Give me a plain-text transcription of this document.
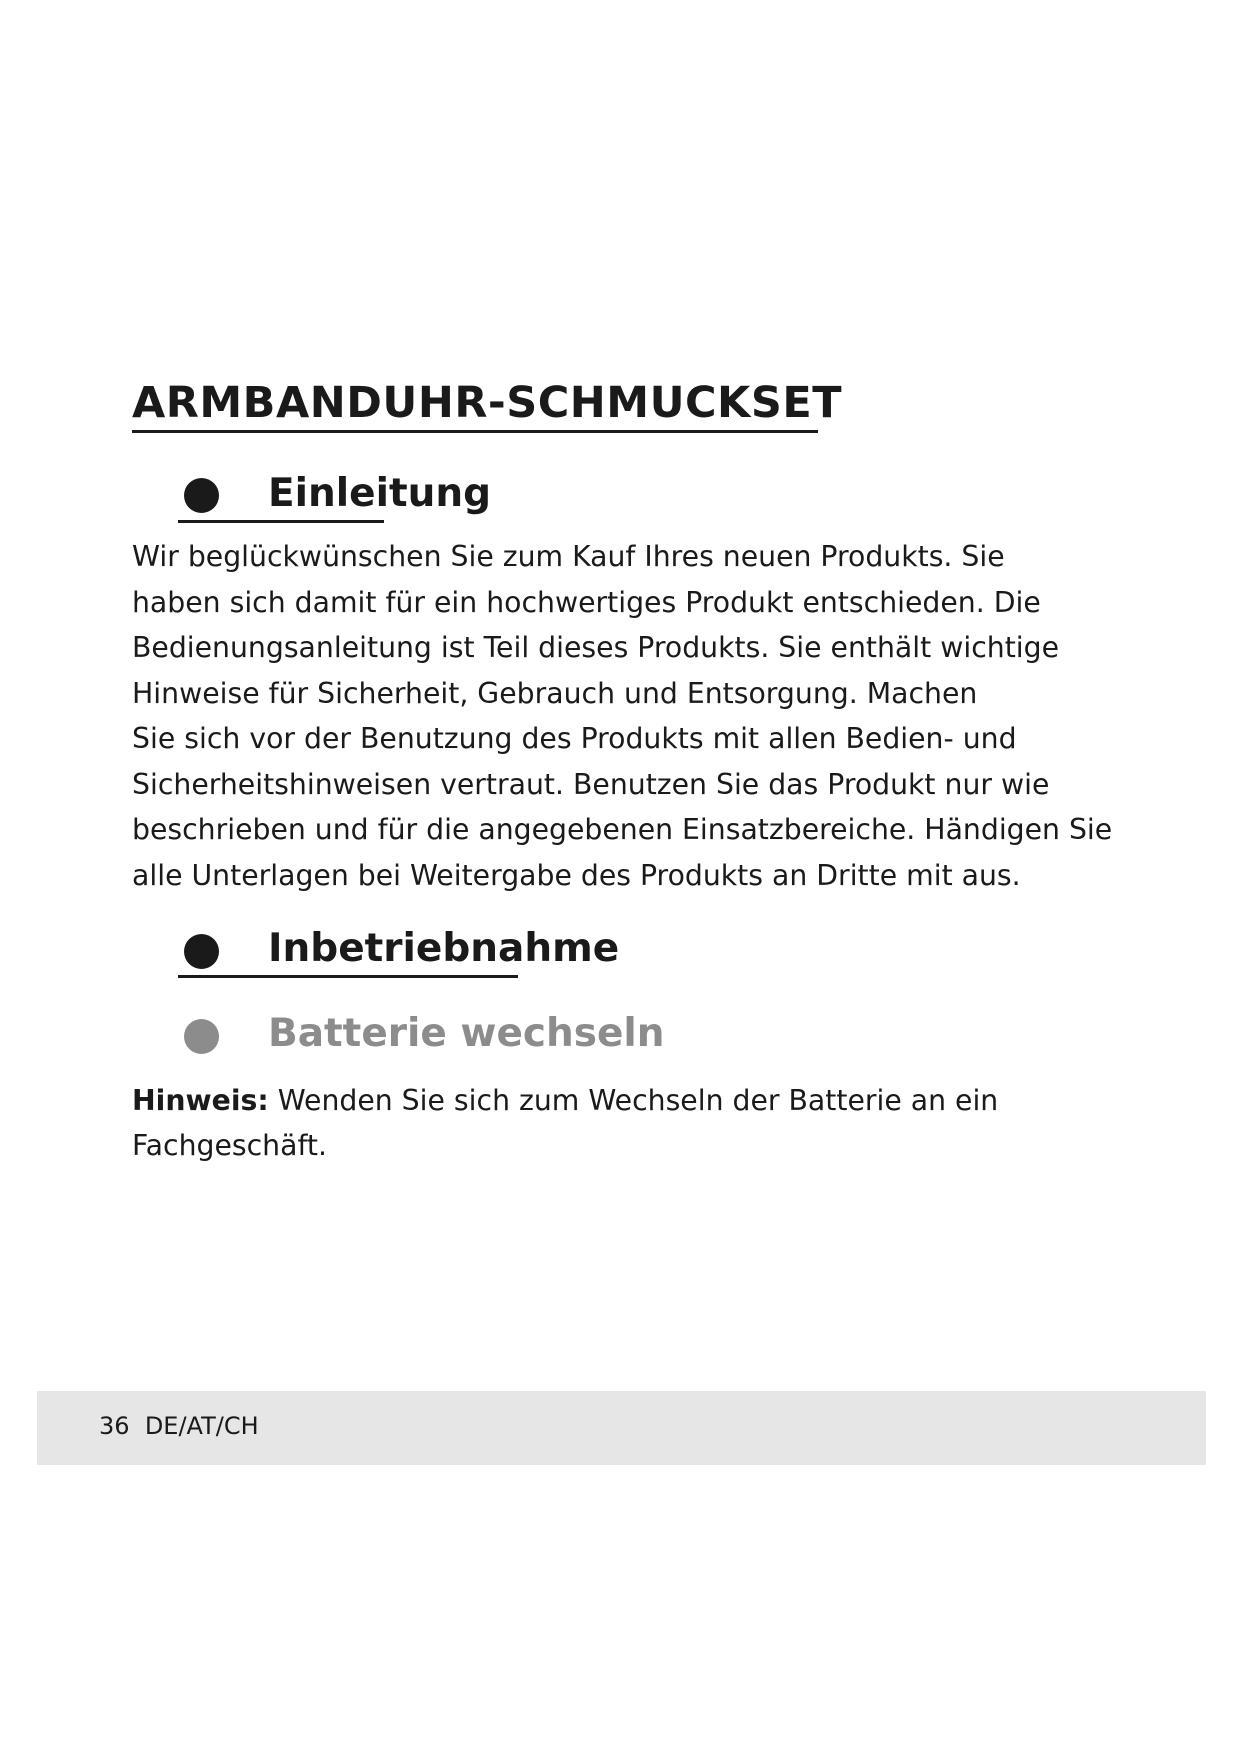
ARMBANDUHR-SCHMUCKSET
Einleitung
Wir beglückwünschen Sie zum Kauf Ihres neuen Produkts. Sie
haben sich damit für ein hochwertiges Produkt entschieden. Die
Bedienungsanleitung ist Teil dieses Produkts. Sie enthält wichtige
Hinweise für Sicherheit, Gebrauch und Entsorgung. Machen
Sie sich vor der Benutzung des Produkts mit allen Bedien- und
Sicherheitshinweisen vertraut. Benutzen Sie das Produkt nur wie
beschrieben und für die angegebenen Einsatzbereiche. Händigen Sie
alle Unterlagen bei Weitergabe des Produkts an Dritte mit aus.
Inbetriebnahme
Batterie wechseln
Hinweis: Wenden Sie sich zum Wechseln der Batterie an ein
Fachgeschäft.
36 DE/AT/CH
